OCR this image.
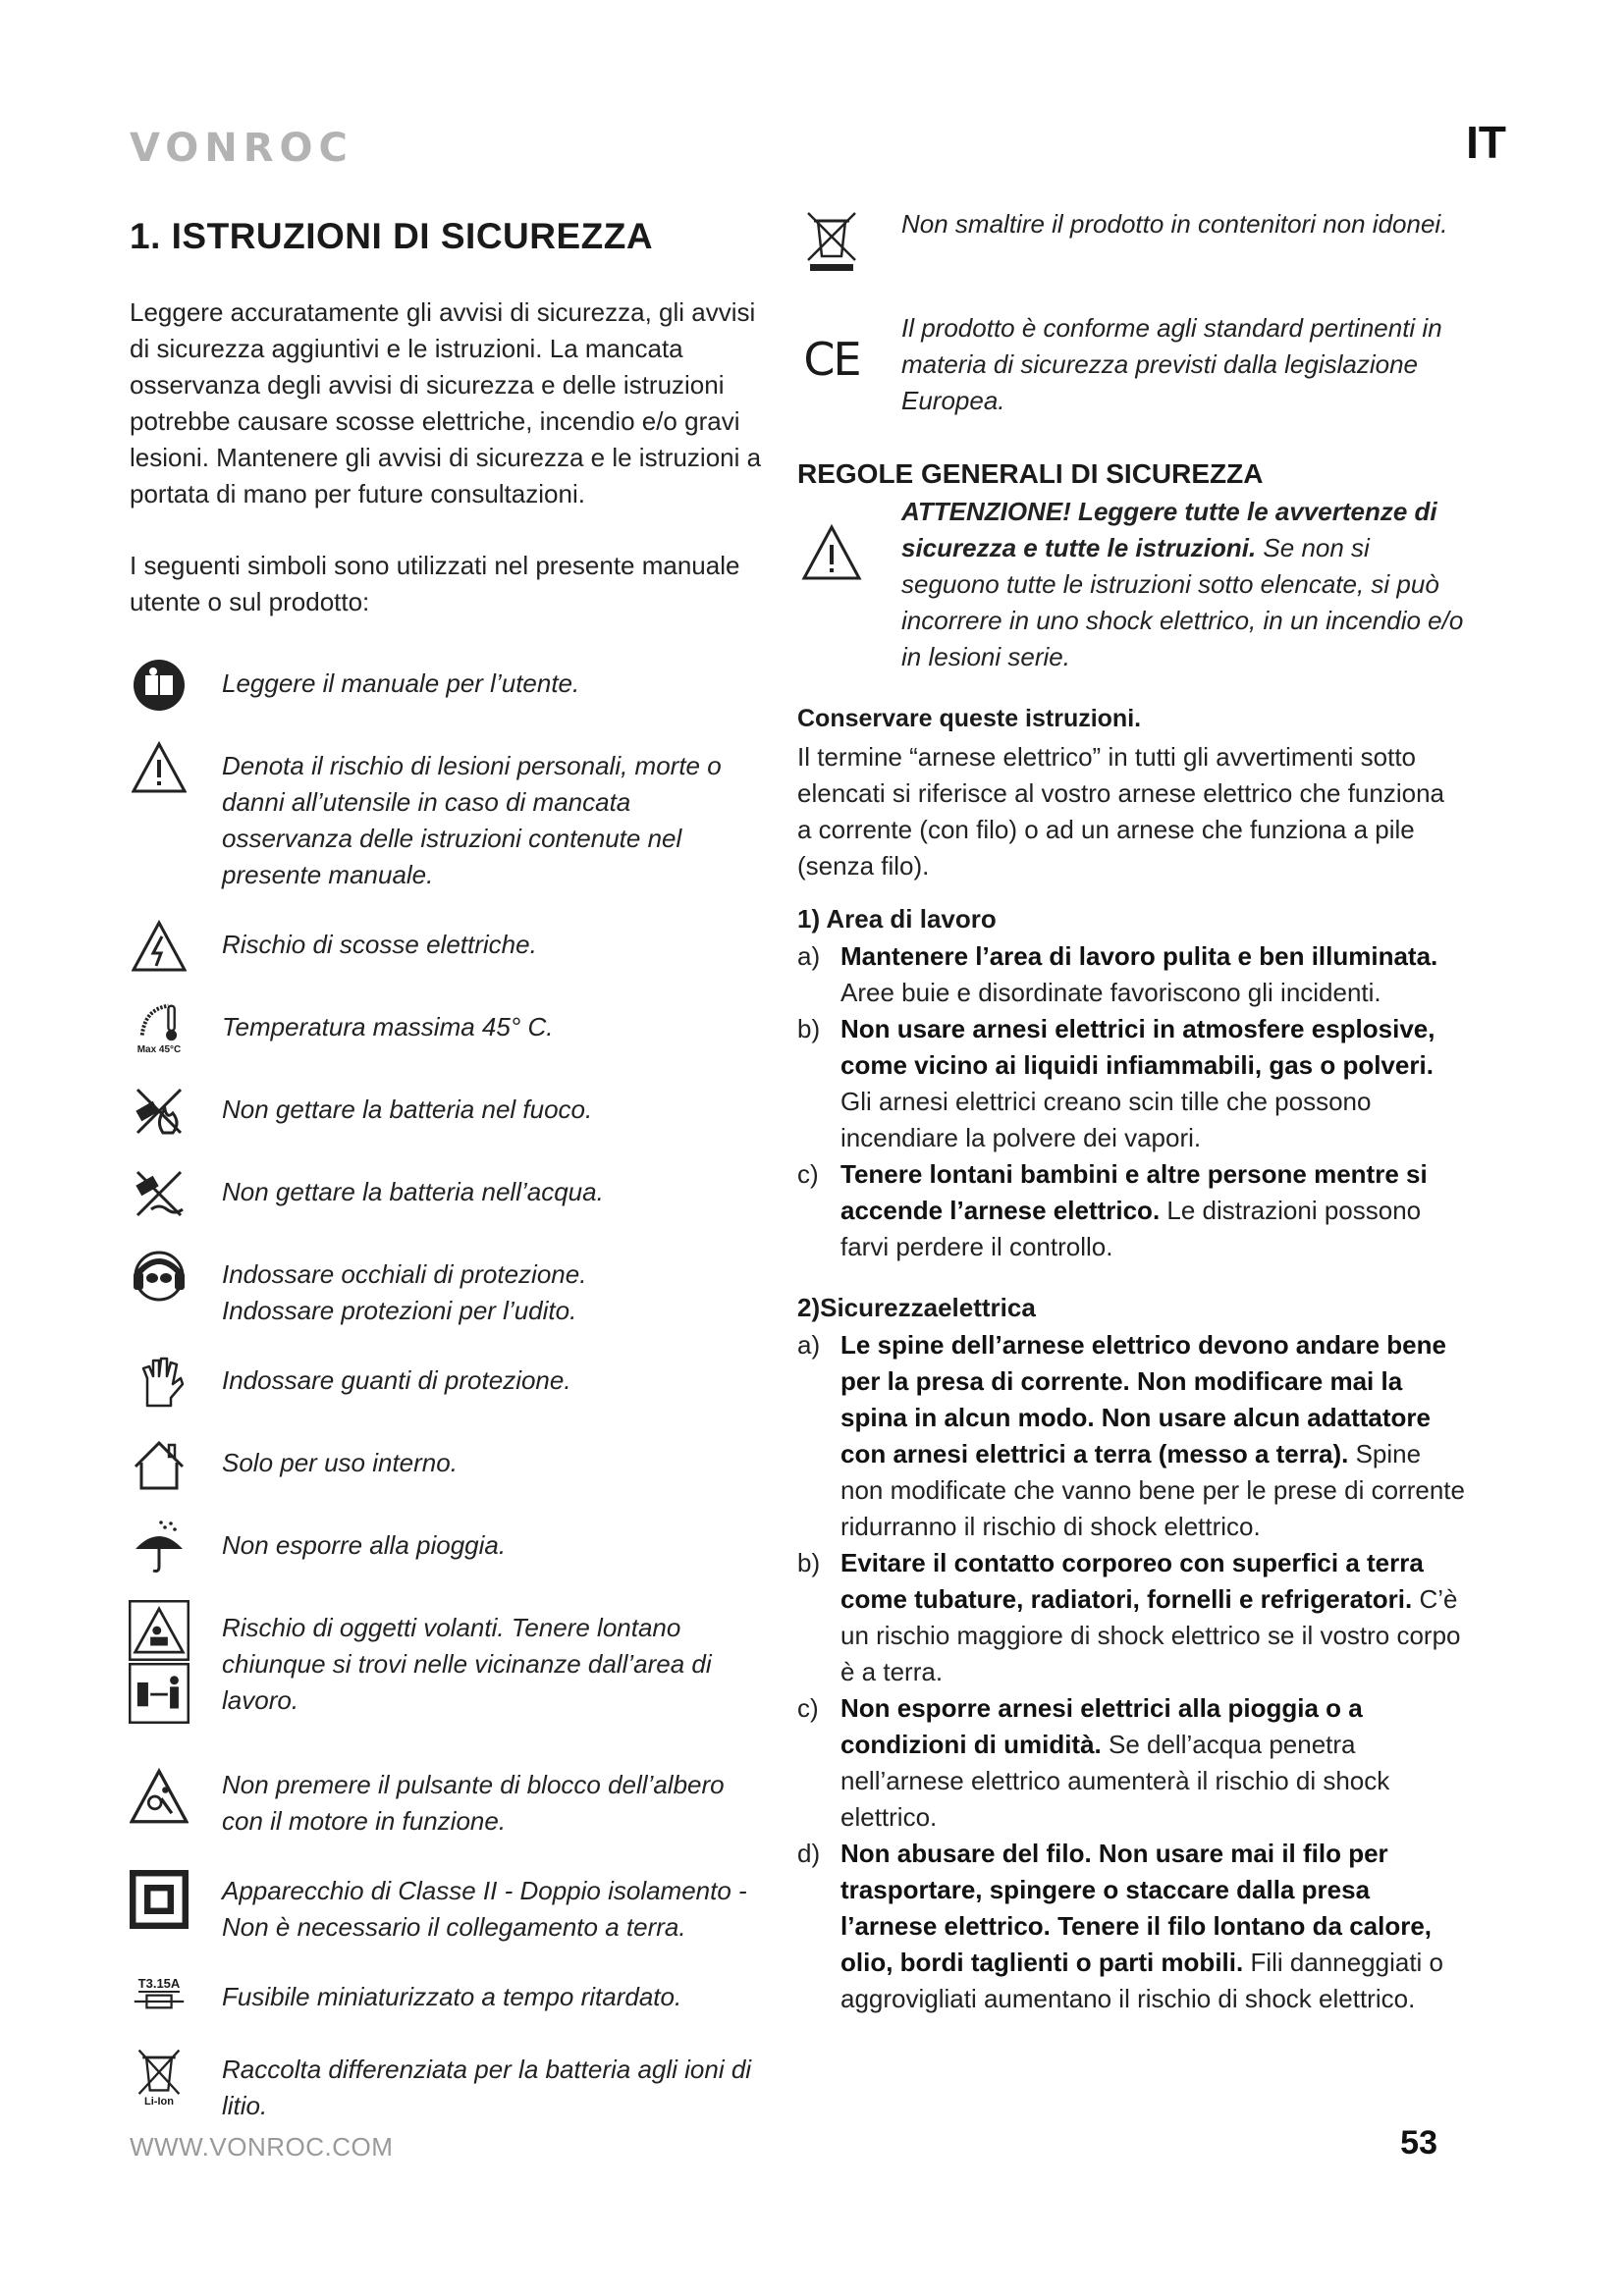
VONROC	IT
1. ISTRUZIONI DI SICUREZZA

Leggere accuratamente gli avvisi di sicurezza, gli avvisi di sicurezza aggiuntivi e le istruzioni. La mancata osservanza degli avvisi di sicurezza e delle istruzioni potrebbe causare scosse elettriche, incendio e/o gravi lesioni. Mantenere gli avvisi di sicurezza e le istruzioni a portata di mano per future consultazioni.

I seguenti simboli sono utilizzati nel presente manuale utente o sul prodotto:

Leggere il manuale per l’utente.
Denota il rischio di lesioni personali, morte o danni all’utensile in caso di mancata osservanza delle istruzioni contenute nel presente manuale.
Rischio di scosse elettriche.
Max 45°C
Temperatura massima 45° C.
Non gettare la batteria nel fuoco.
Non gettare la batteria nell’acqua.
Indossare occhiali di protezione.
Indossare protezioni per l’udito.
Indossare guanti di protezione.
Solo per uso interno.
Non esporre alla pioggia.
Rischio di oggetti volanti. Tenere lontano chiunque si trovi nelle vicinanze dall’area di lavoro.
Non premere il pulsante di blocco dell’albero con il motore in funzione.
Apparecchio di Classe II - Doppio isolamento - Non è necessario il collegamento a terra.
T3.15A Fusibile miniaturizzato a tempo ritardato.
Li-Ion
Raccolta differenziata per la batteria agli ioni di litio.
Non smaltire il prodotto in contenitori non idonei.
CE
Il prodotto è conforme agli standard pertinenti in materia di sicurezza previsti dalla legislazione Europea.
REGOLE GENERALI DI SICUREZZA
ATTENZIONE! Leggere tutte le avvertenze di sicurezza e tutte le istruzioni. Se non si seguono tutte le istruzioni sotto elencate, si può incorrere in uno shock elettrico, in un incendio e/o in lesioni serie.
Conservare queste istruzioni.

Il termine “arnese elettrico” in tutti gli avvertimenti sotto elencati si riferisce al vostro arnese elettrico che funziona a corrente (con filo) o ad un arnese che funziona a pile (senza filo).

1) Area di lavoro
a) Mantenere l’area di lavoro pulita e ben illuminata. Aree buie e disordinate favoriscono gli incidenti.
b) Non usare arnesi elettrici in atmosfere esplosive, come vicino ai liquidi infiammabili, gas o polveri. Gli arnesi elettrici creano scin tille che possono incendiare la polvere dei vapori.
c) Tenere lontani bambini e altre persone mentre si accende l’arnese elettrico. Le distrazioni possono farvi perdere il controllo.
2)Sicurezzaelettrica
a) Le spine dell’arnese elettrico devono andare bene per la presa di corrente. Non modificare mai la spina in alcun modo. Non usare alcun adattatore con arnesi elettrici a terra (messo a terra). Spine non modificate che vanno bene per le prese di corrente ridurranno il rischio di shock elettrico.
b) Evitare il contatto corporeo con superfici a terra come tubature, radiatori, fornelli e refrigeratori. C’è un rischio maggiore di shock elettrico se il vostro corpo è a terra.
c) Non esporre arnesi elettrici alla pioggia o a condizioni di umidità. Se dell’acqua penetra nell’arnese elettrico aumenterà il rischio di shock elettrico.
d) Non abusare del filo. Non usare mai il filo per trasportare, spingere o staccare dalla presa l’arnese elettrico. Tenere il filo lontano da calore, olio, bordi taglienti o parti mobili. Fili danneggiati o aggrovigliati aumentano il rischio di shock elettrico.
WWW.VONROC.COM	53
